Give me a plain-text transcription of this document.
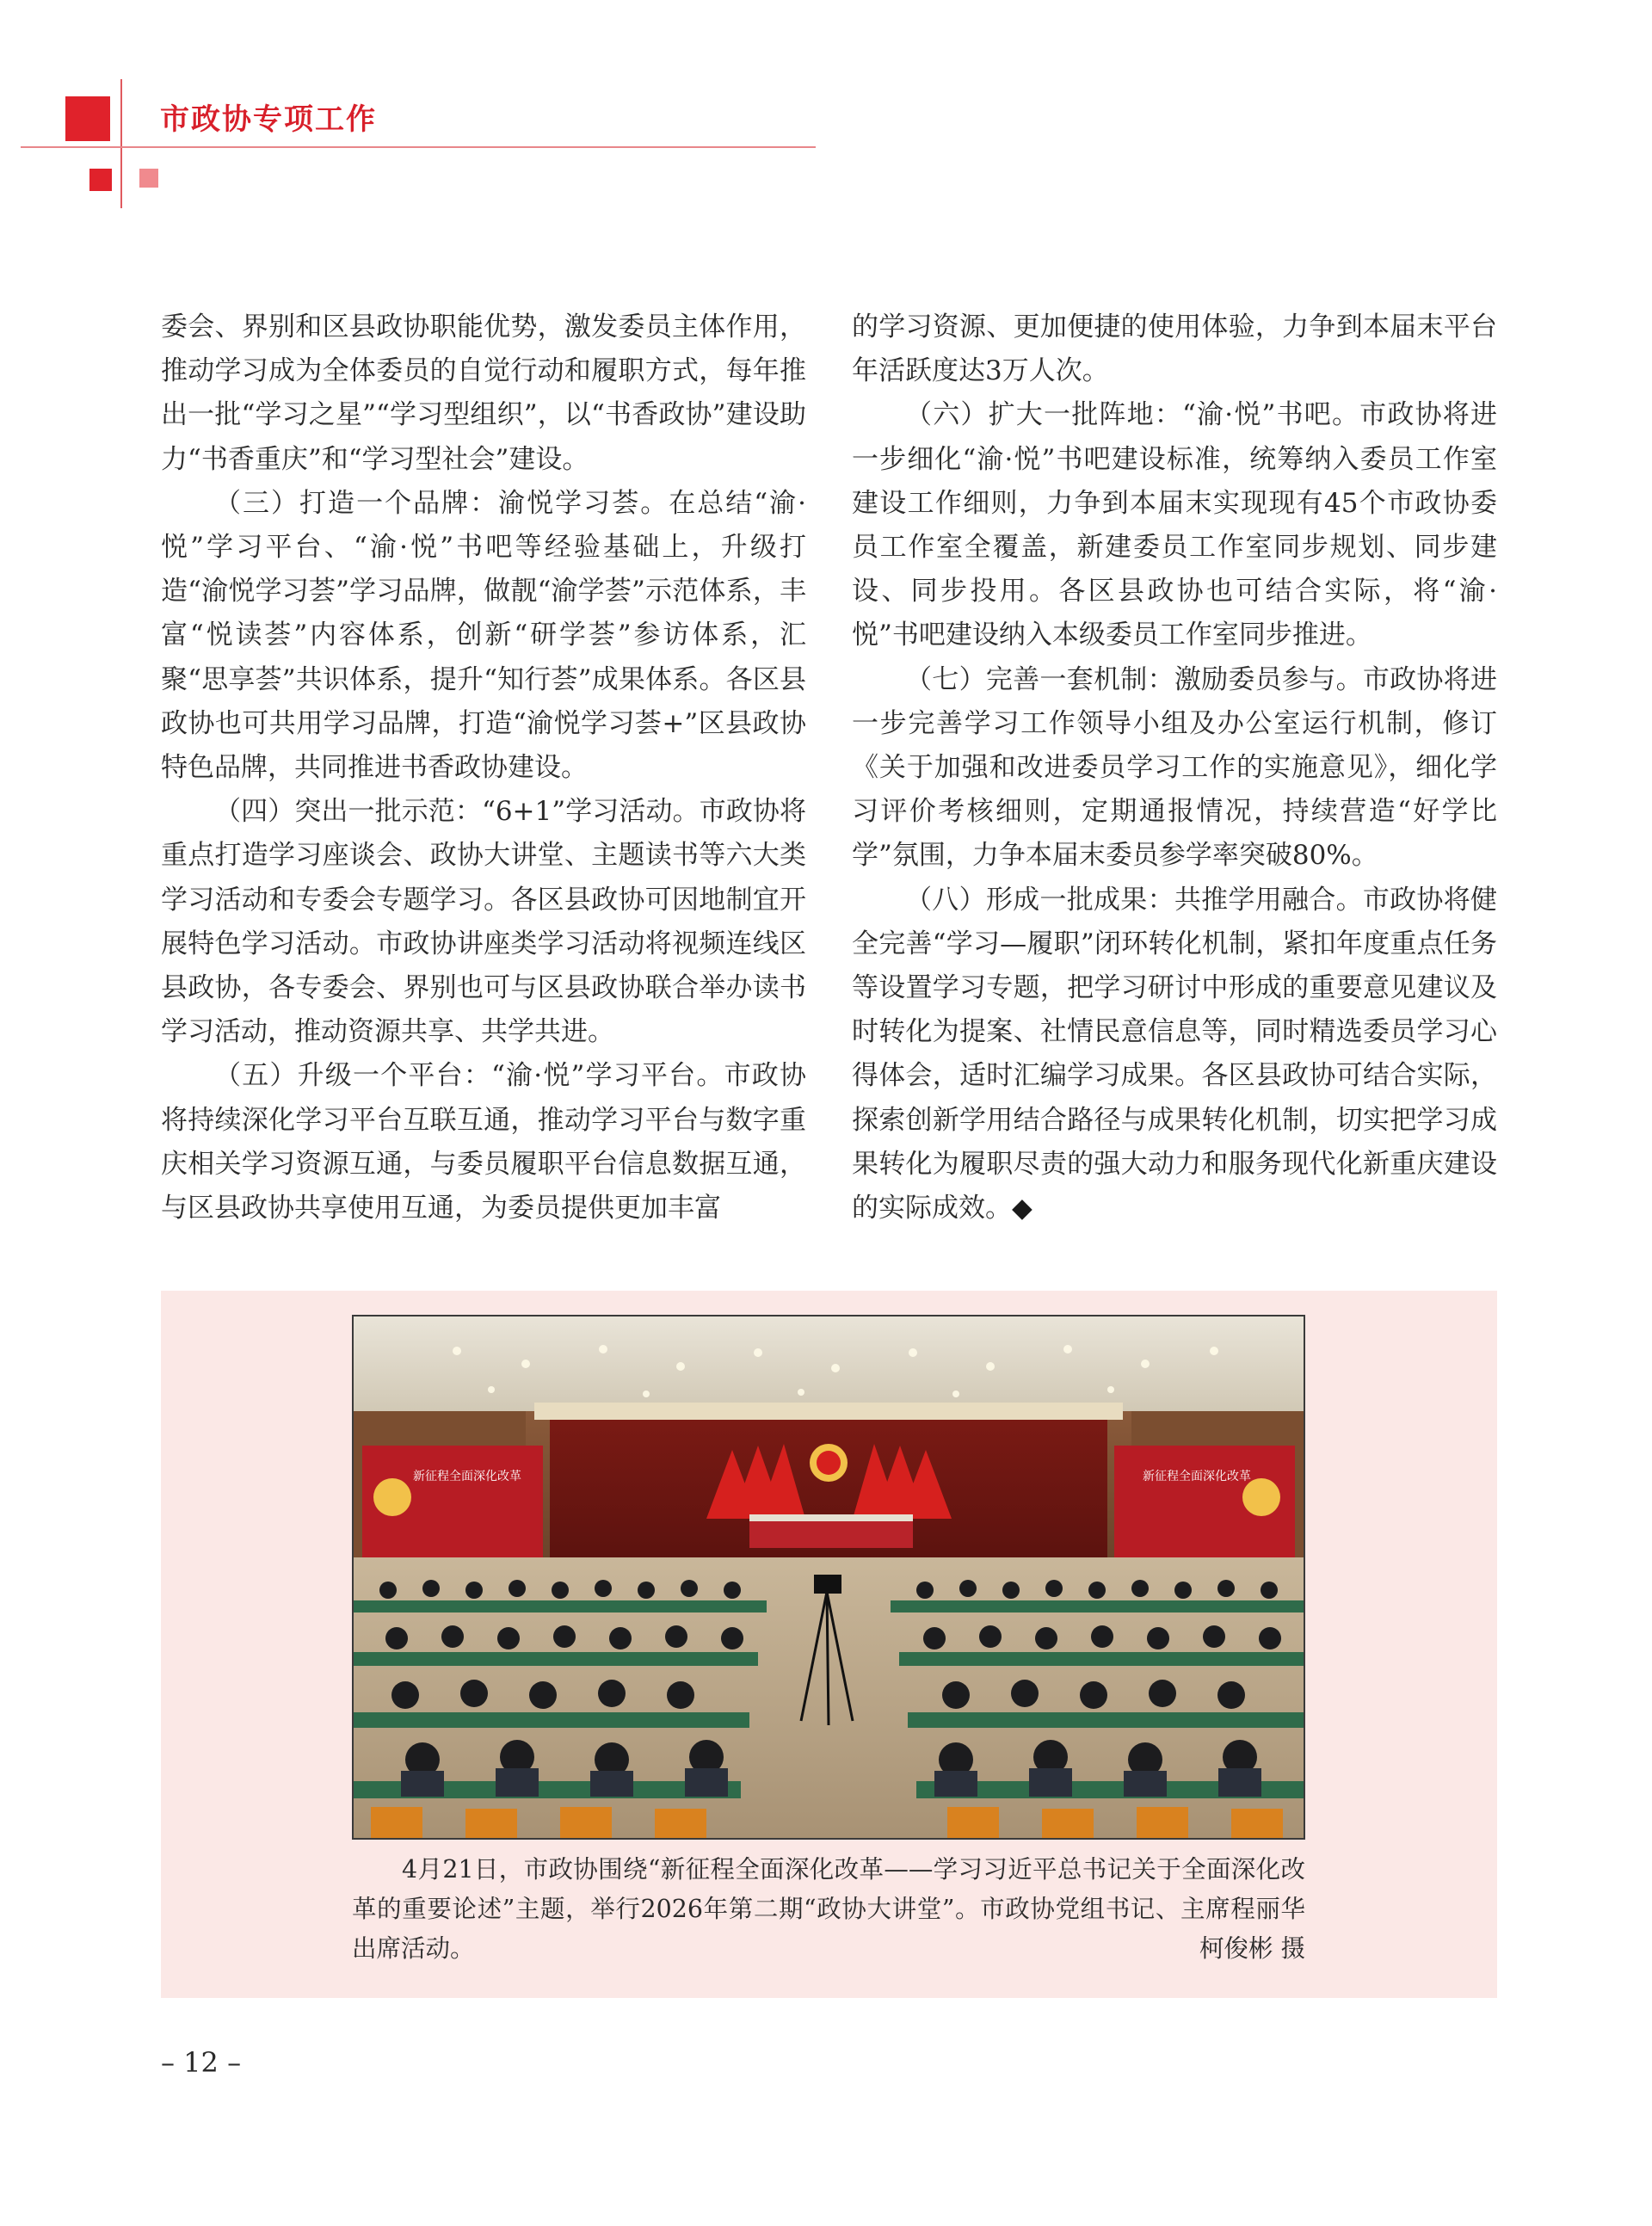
市政协专项工作

委会、界别和区县政协职能优势，激发委员主体作用，推动学习成为全体委员的自觉行动和履职方式，每年推出一批“学习之星”“学习型组织”，以“书香政协”建设助力“书香重庆”和“学习型社会”建设。

（三）打造一个品牌：渝悦学习荟。在总结“渝·悦”学习平台、“渝·悦”书吧等经验基础上，升级打造“渝悦学习荟”学习品牌，做靓“渝学荟”示范体系，丰富“悦读荟”内容体系，创新“研学荟”参访体系，汇聚“思享荟”共识体系，提升“知行荟”成果体系。各区县政协也可共用学习品牌，打造“渝悦学习荟+”区县政协特色品牌，共同推进书香政协建设。

（四）突出一批示范：“6+1”学习活动。市政协将重点打造学习座谈会、政协大讲堂、主题读书等六大类学习活动和专委会专题学习。各区县政协可因地制宜开展特色学习活动。市政协讲座类学习活动将视频连线区县政协，各专委会、界别也可与区县政协联合举办读书学习活动，推动资源共享、共学共进。

（五）升级一个平台：“渝·悦”学习平台。市政协将持续深化学习平台互联互通，推动学习平台与数字重庆相关学习资源互通，与委员履职平台信息数据互通，与区县政协共享使用互通，为委员提供更加丰富

的学习资源、更加便捷的使用体验，力争到本届末平台年活跃度达3万人次。

（六）扩大一批阵地：“渝·悦”书吧。市政协将进一步细化“渝·悦”书吧建设标准，统筹纳入委员工作室建设工作细则，力争到本届末实现现有45个市政协委员工作室全覆盖，新建委员工作室同步规划、同步建设、同步投用。各区县政协也可结合实际，将“渝·悦”书吧建设纳入本级委员工作室同步推进。

（七）完善一套机制：激励委员参与。市政协将进一步完善学习工作领导小组及办公室运行机制，修订《关于加强和改进委员学习工作的实施意见》，细化学习评价考核细则，定期通报情况，持续营造“好学比学”氛围，力争本届末委员参学率突破80%。

（八）形成一批成果：共推学用融合。市政协将健全完善“学习—履职”闭环转化机制，紧扣年度重点任务等设置学习专题，把学习研讨中形成的重要意见建议及时转化为提案、社情民意信息等，同时精选委员学习心得体会，适时汇编学习成果。各区县政协可结合实际，探索创新学用结合路径与成果转化机制，切实把学习成果转化为履职尽责的强大动力和服务现代化新重庆建设的实际成效。◆

新征程全面深化改革	新征程全面深化改革

4月21日，市政协围绕“新征程全面深化改革——学习习近平总书记关于全面深化改革的重要论述”主题，举行2026年第二期“政协大讲堂”。市政协党组书记、主席程丽华出席活动。	柯俊彬 摄
– 12 –
